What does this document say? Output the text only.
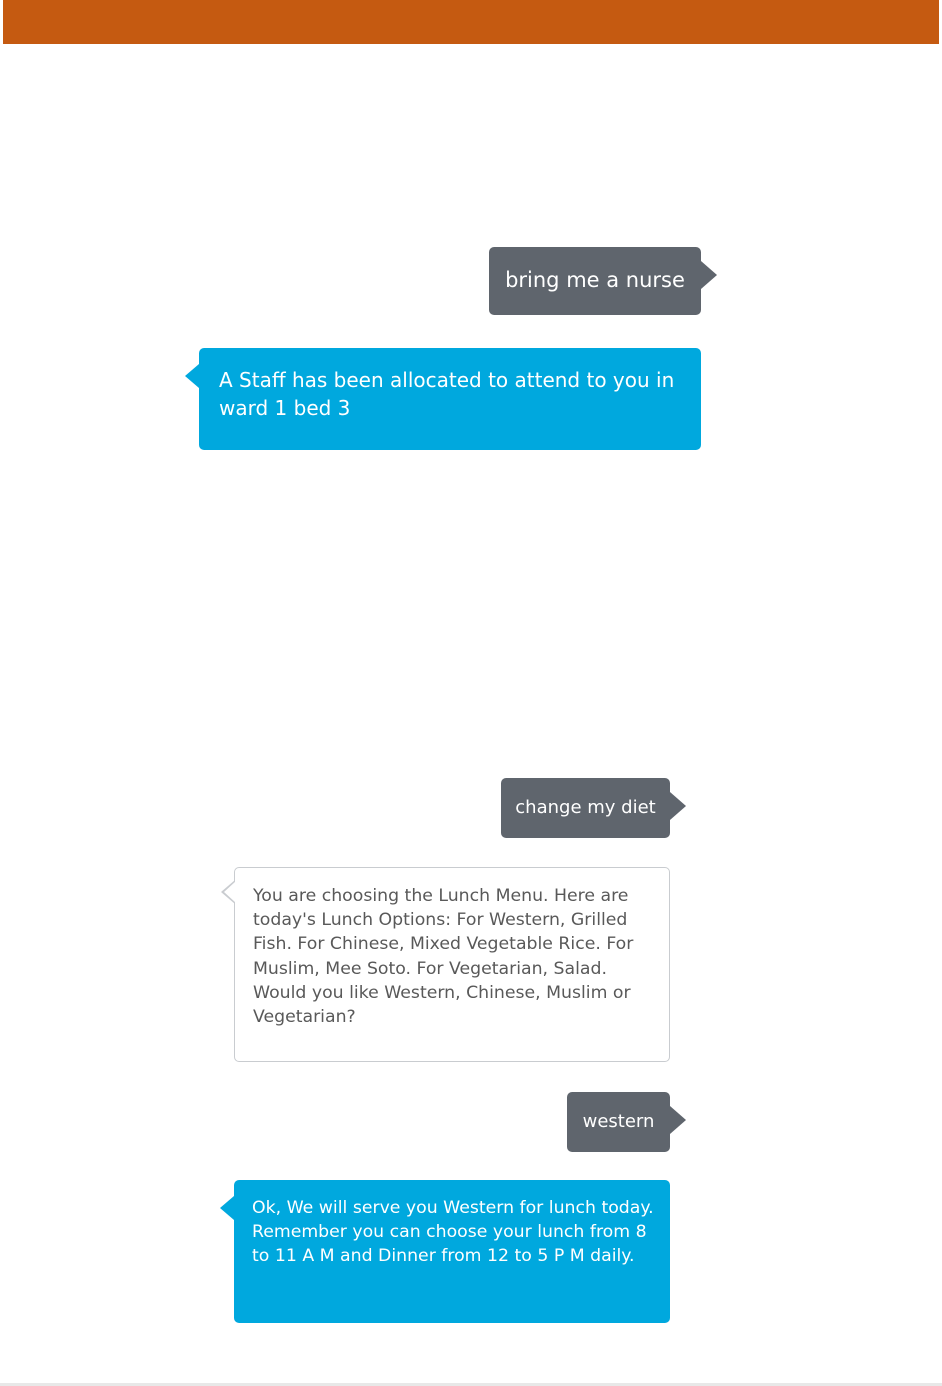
bring me a nurse
A Staff has been allocated to attend to you in ward 1 bed 3
change my diet
You are choosing the Lunch Menu. Here are today's Lunch Options: For Western, Grilled Fish. For Chinese, Mixed Vegetable Rice. For Muslim, Mee Soto. For Vegetarian, Salad. Would you like Western, Chinese, Muslim or Vegetarian?
western
Ok, We will serve you Western for lunch today. Remember you can choose your lunch from 8 to 11 A M and Dinner from 12 to 5 P M daily.
